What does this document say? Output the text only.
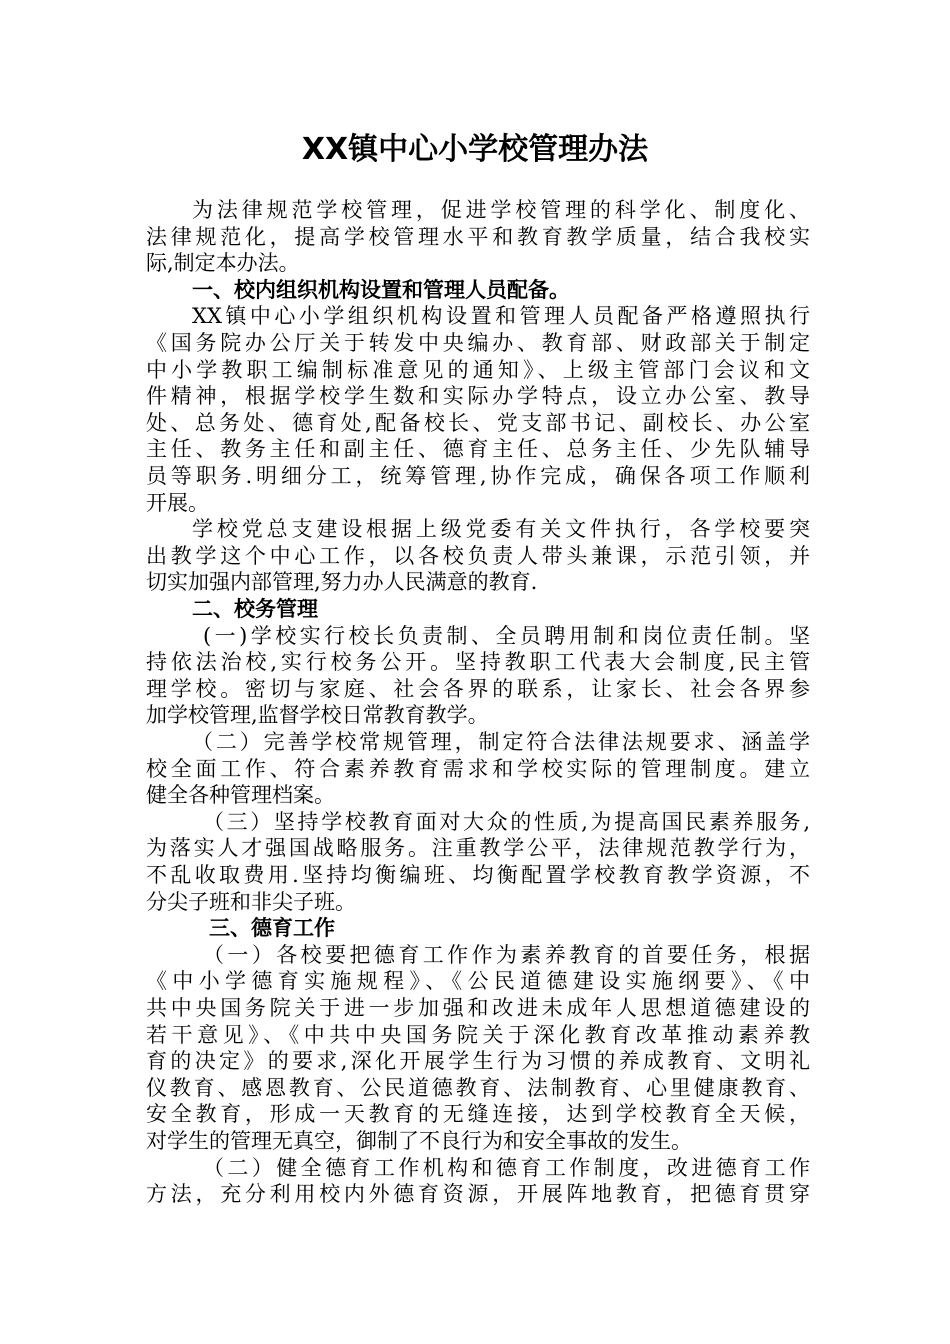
XX镇中心小学校管理办法
为法律规范学校管理，促进学校管理的科学化、制度化、
法律规范化，提高学校管理水平和教育教学质量，结合我校实
际,制定本办法。
一、校内组织机构设置和管理人员配备。
XX镇中心小学组织机构设置和管理人员配备严格遵照执行
《国务院办公厅关于转发中央编办、教育部、财政部关于制定
中小学教职工编制标准意见的通知》、上级主管部门会议和文
件精神，根据学校学生数和实际办学特点，设立办公室、教导
处、总务处、德育处,配备校长、党支部书记、副校长、办公室
主任、教务主任和副主任、德育主任、总务主任、少先队辅导
员等职务.明细分工，统筹管理,协作完成，确保各项工作顺利
开展。
学校党总支建设根据上级党委有关文件执行，各学校要突
出教学这个中心工作，以各校负责人带头兼课，示范引领，并
切实加强内部管理,努力办人民满意的教育.
二、校务管理
(一)学校实行校长负责制、全员聘用制和岗位责任制。坚
持依法治校,实行校务公开。坚持教职工代表大会制度,民主管
理学校。密切与家庭、社会各界的联系，让家长、社会各界参
加学校管理,监督学校日常教育教学。
（二）完善学校常规管理，制定符合法律法规要求、涵盖学
校全面工作、符合素养教育需求和学校实际的管理制度。建立
健全各种管理档案。
（三）坚持学校教育面对大众的性质,为提高国民素养服务,
为落实人才强国战略服务。注重教学公平，法律规范教学行为，
不乱收取费用.坚持均衡编班、均衡配置学校教育教学资源，不
分尖子班和非尖子班。
三、德育工作
（一）各校要把德育工作作为素养教育的首要任务，根据
《中小学德育实施规程》、《公民道德建设实施纲要》、《中
共中央国务院关于进一步加强和改进未成年人思想道德建设的
若干意见》、《中共中央国务院关于深化教育改革推动素养教
育的决定》的要求,深化开展学生行为习惯的养成教育、文明礼
仪教育、感恩教育、公民道德教育、法制教育、心里健康教育、
安全教育，形成一天教育的无缝连接，达到学校教育全天候，
对学生的管理无真空，御制了不良行为和安全事故的发生。
（二）健全德育工作机构和德育工作制度，改进德育工作
方法，充分利用校内外德育资源，开展阵地教育，把德育贯穿
